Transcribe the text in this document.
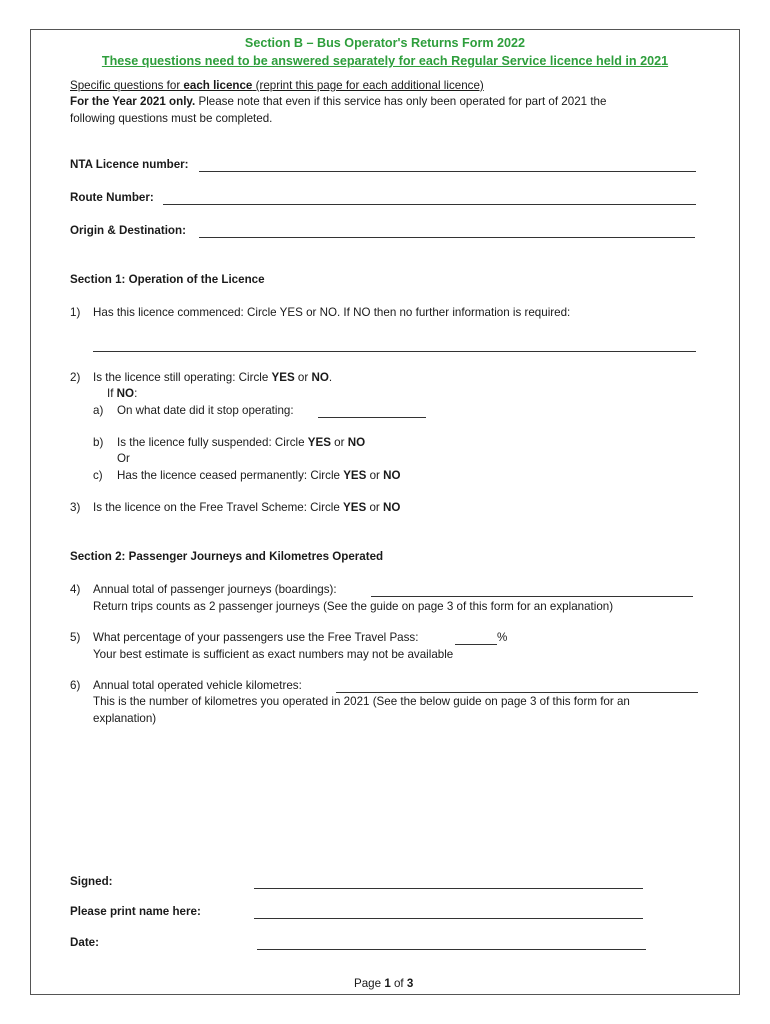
Section B – Bus Operator's Returns Form 2022
These questions need to be answered separately for each Regular Service licence held in 2021
Specific questions for each licence (reprint this page for each additional licence)
For the Year 2021 only. Please note that even if this service has only been operated for part of 2021 the
following questions must be completed.
NTA Licence number:
Route Number:
Origin & Destination:
Section 1: Operation of the Licence
1) Has this licence commenced: Circle YES or NO. If NO then no further information is required:
2) Is the licence still operating: Circle YES or NO.
If NO:
a) On what date did it stop operating:
b) Is the licence fully suspended: Circle YES or NO
Or
c) Has the licence ceased permanently: Circle YES or NO
3) Is the licence on the Free Travel Scheme: Circle YES or NO
Section 2: Passenger Journeys and Kilometres Operated
4) Annual total of passenger journeys (boardings):
Return trips counts as 2 passenger journeys (See the guide on page 3 of this form for an explanation)
5) What percentage of your passengers use the Free Travel Pass:	%
Your best estimate is sufficient as exact numbers may not be available
6) Annual total operated vehicle kilometres:
This is the number of kilometres you operated in 2021 (See the below guide on page 3 of this form for an
explanation)
Signed:
Please print name here:
Date:
Page 1 of 3
